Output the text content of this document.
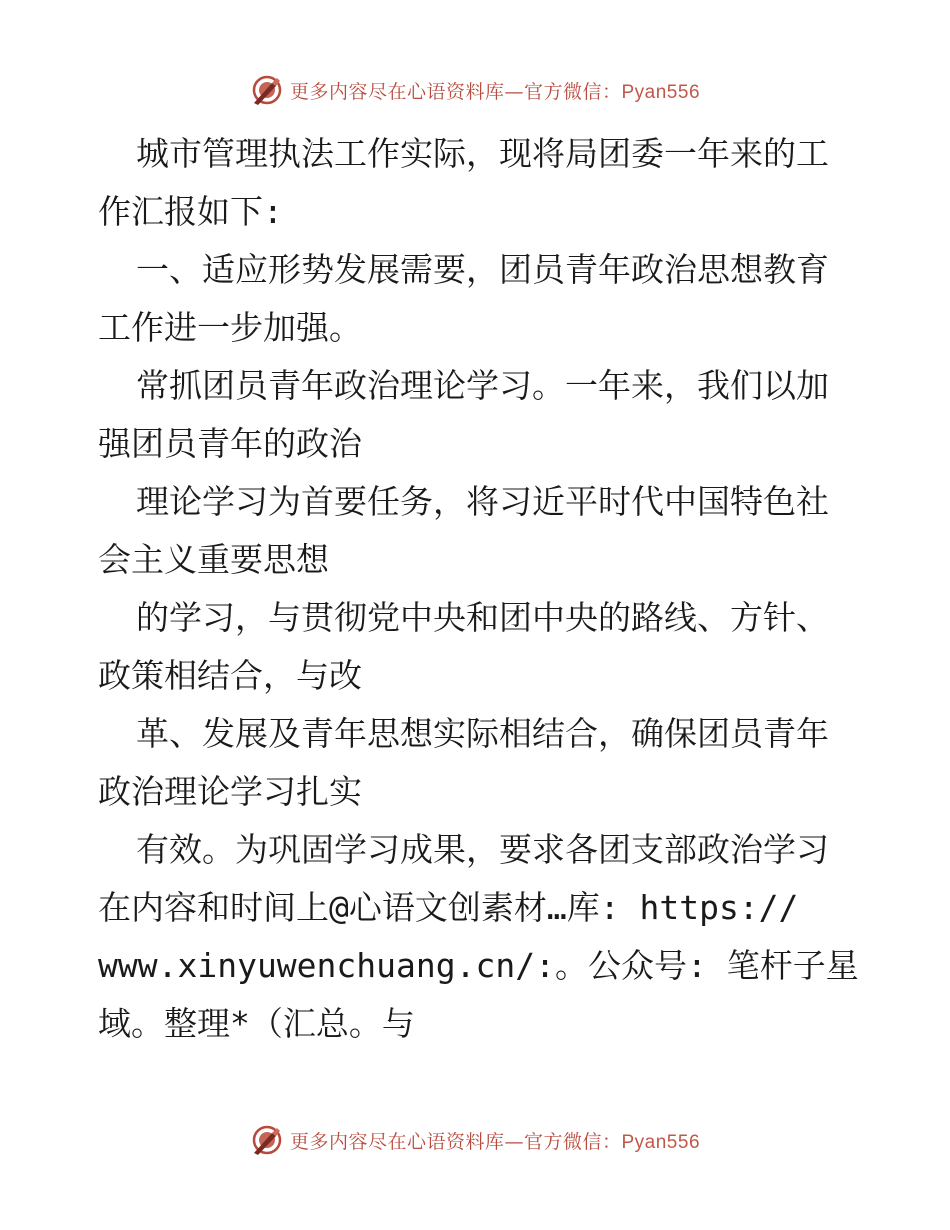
更多内容尽在心语资料库—官方微信：Pyan556
城市管理执法工作实际，现将局团委一年来的工
作汇报如下:
一、适应形势发展需要，团员青年政治思想教育
工作进一步加强。
常抓团员青年政治理论学习。一年来，我们以加
强团员青年的政治
理论学习为首要任务，将习近平时代中国特色社
会主义重要思想
的学习，与贯彻党中央和团中央的路线、方针、
政策相结合，与改
革、发展及青年思想实际相结合，确保团员青年
政治理论学习扎实
有效。为巩固学习成果，要求各团支部政治学习
在内容和时间上@心语文创素材…库: https://
www.xinyuwenchuang.cn/:。公众号: 笔杆子星
域。整理*（汇总。与
更多内容尽在心语资料库—官方微信：Pyan556
